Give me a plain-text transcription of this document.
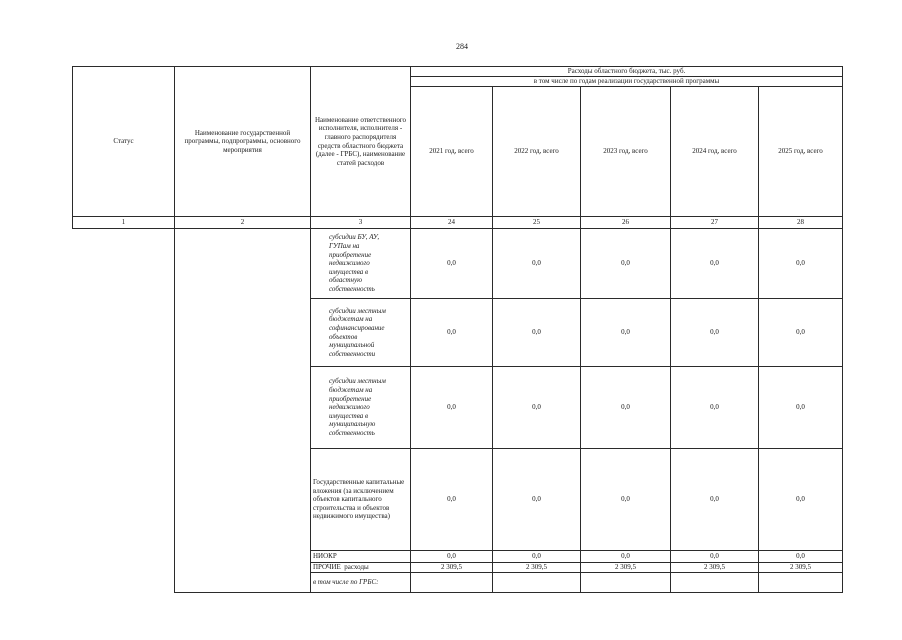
284
Статус	Наименование государственной программы, подпрограммы, основного мероприятия	Наименование ответственного исполнителя, исполнителя - главного распорядителя средств областного бюджета (далее - ГРБС), наименование статей расходов	Расходы областного бюджета, тыс. руб.				
			в том числе по годам реализации государственной программы				
			2021 год, всего	2022 год, всего	2023 год, всего	2024 год, всего	2025 год, всего
1	2	3	24	25	26	27	28
		субсидии БУ, АУ, ГУПам на приобретение недвижимого имущества в областную собственность	0,0	0,0	0,0	0,0	0,0
		субсидии местным бюджетам на софинансирование объектов муниципальной собственности	0,0	0,0	0,0	0,0	0,0
		субсидии местным бюджетам на приобретение недвижимого имущества в муниципальную собственность	0,0	0,0	0,0	0,0	0,0
		Государственные капитальные вложения (за исключением объектов капитального строительства и объектов недвижимого имущества)	0,0	0,0	0,0	0,0	0,0
		НИОКР	0,0	0,0	0,0	0,0	0,0
		ПРОЧИЕ  расходы	2 309,5	2 309,5	2 309,5	2 309,5	2 309,5
		в том числе по ГРБС:					
